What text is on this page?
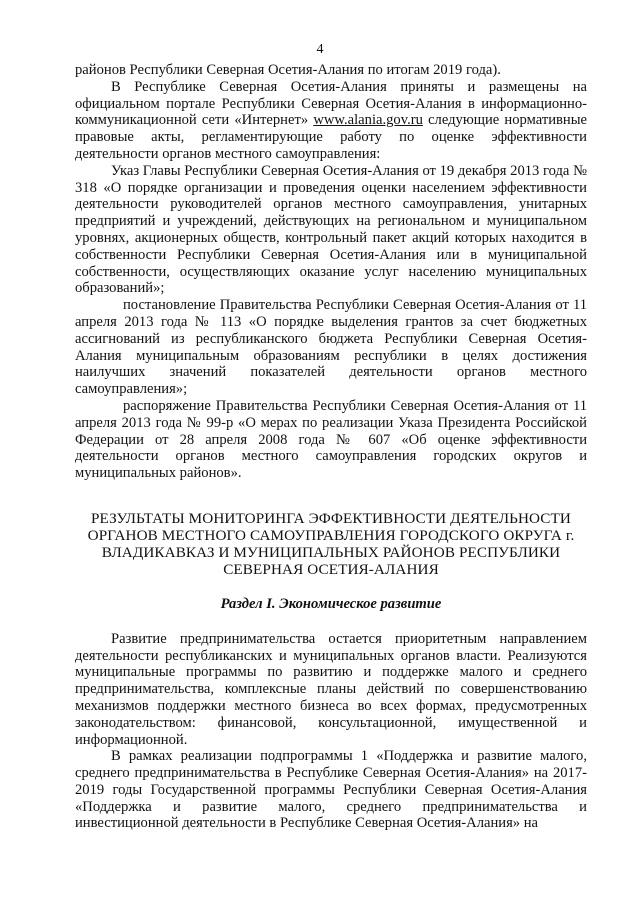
4

районов Республики Северная Осетия-Алания по итогам 2019 года).

В Республике Северная Осетия-Алания приняты и размещены на официальном портале Республики Северная Осетия-Алания в информационно-коммуникационной сети «Интернет» www.alania.gov.ru следующие нормативные правовые акты, регламентирующие работу по оценке эффективности деятельности органов местного самоуправления:

Указ Главы Республики Северная Осетия-Алания от 19 декабря 2013 года № 318 «О порядке организации и проведения оценки населением эффективности деятельности руководителей органов местного самоуправления, унитарных предприятий и учреждений, действующих на региональном и муниципальном уровнях, акционерных обществ, контрольный пакет акций которых находится в собственности Республики Северная Осетия-Алания или в муниципальной собственности, осуществляющих оказание услуг населению муниципальных образований»;

постановление Правительства Республики Северная Осетия-Алания от 11 апреля 2013 года № 113 «О порядке выделения грантов за счет бюджетных ассигнований из республиканского бюджета Республики Северная Осетия-Алания муниципальным образованиям республики в целях достижения наилучших значений показателей деятельности органов местного самоуправления»;

распоряжение Правительства Республики Северная Осетия-Алания от 11 апреля 2013 года № 99-р «О мерах по реализации Указа Президента Российской Федерации от 28 апреля 2008 года № 607 «Об оценке эффективности деятельности органов местного самоуправления городских округов и муниципальных районов».

РЕЗУЛЬТАТЫ МОНИТОРИНГА ЭФФЕКТИВНОСТИ ДЕЯТЕЛЬНОСТИ ОРГАНОВ МЕСТНОГО САМОУПРАВЛЕНИЯ ГОРОДСКОГО ОКРУГА г. ВЛАДИКАВКАЗ И МУНИЦИПАЛЬНЫХ РАЙОНОВ РЕСПУБЛИКИ СЕВЕРНАЯ ОСЕТИЯ-АЛАНИЯ

Раздел I. Экономическое развитие

Развитие предпринимательства остается приоритетным направлением деятельности республиканских и муниципальных органов власти. Реализуются муниципальные программы по развитию и поддержке малого и среднего предпринимательства, комплексные планы действий по совершенствованию механизмов поддержки местного бизнеса во всех формах, предусмотренных законодательством: финансовой, консультационной, имущественной и информационной.

В рамках реализации подпрограммы 1 «Поддержка и развитие малого, среднего предпринимательства в Республике Северная Осетия-Алания» на 2017-2019 годы Государственной программы Республики Северная Осетия-Алания «Поддержка и развитие малого, среднего предпринимательства и инвестиционной деятельности в Республике Северная Осетия-Алания» на
